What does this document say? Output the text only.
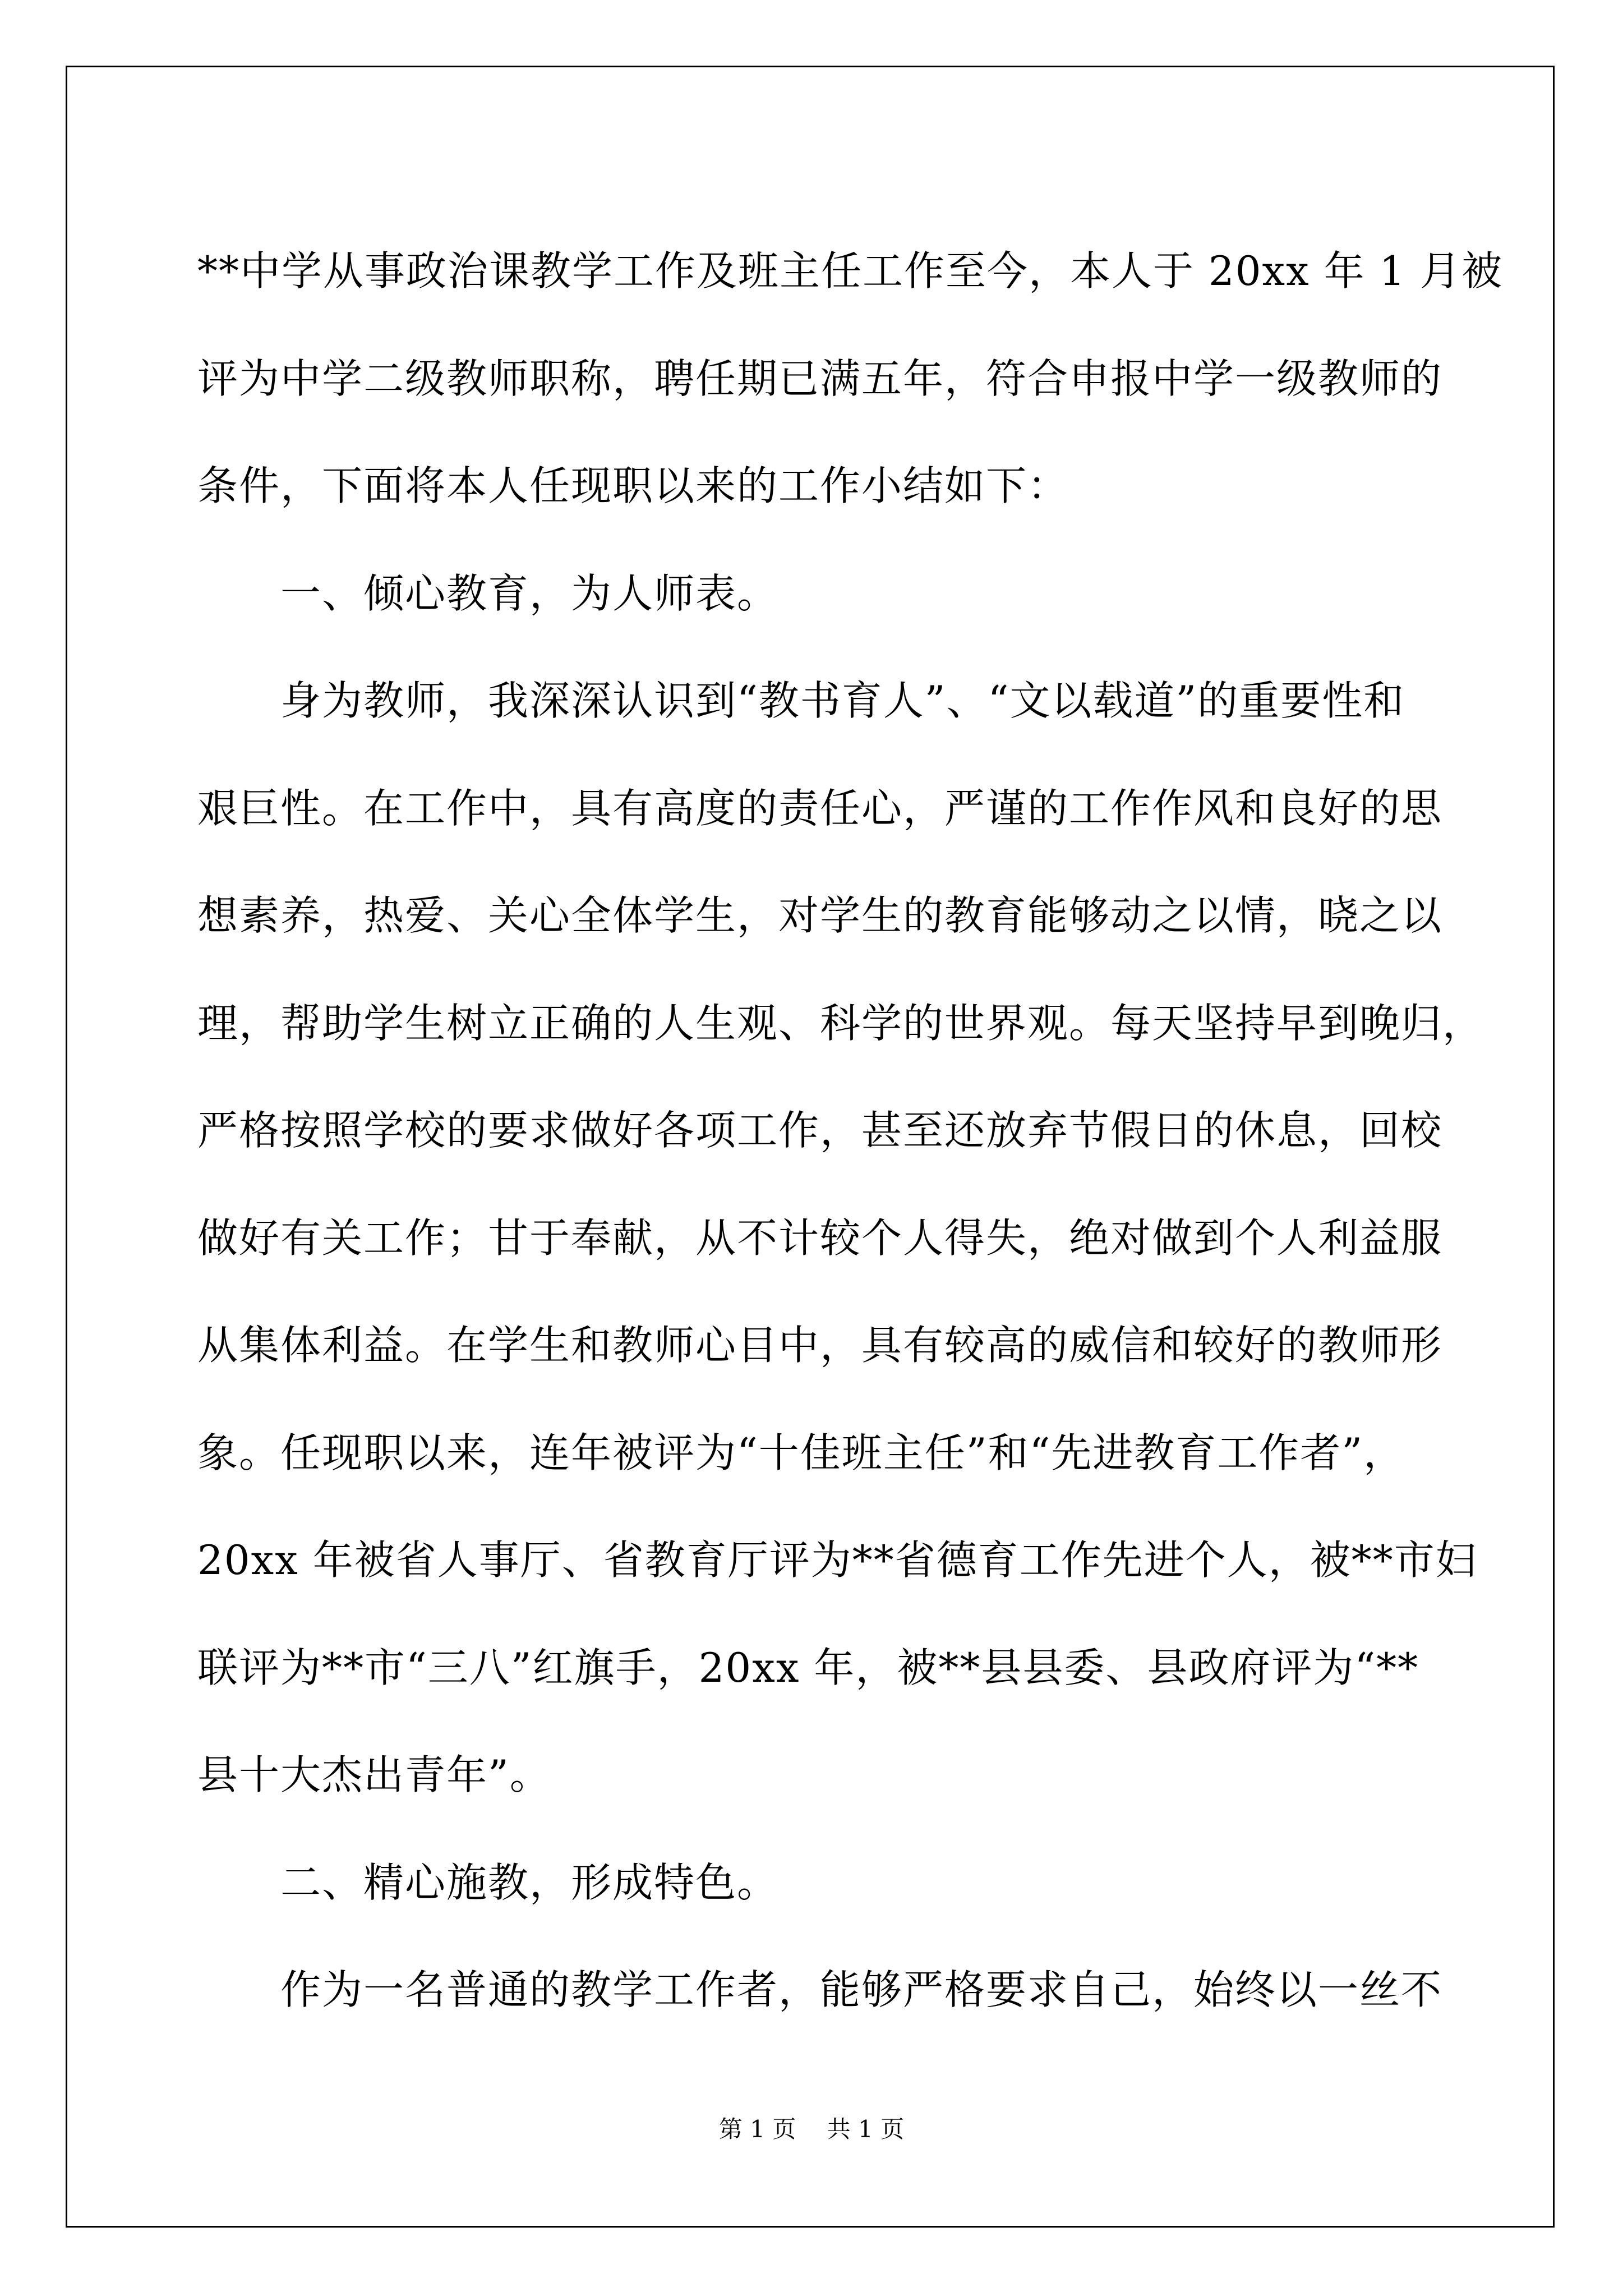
**中学从事政治课教学工作及班主任工作至今，本人于 20xx 年 1 月被

评为中学二级教师职称，聘任期已满五年，符合申报中学一级教师的

条件，下面将本人任现职以来的工作小结如下：

　　一、倾心教育，为人师表。

　　身为教师，我深深认识到“教书育人”、“文以载道”的重要性和

艰巨性。在工作中，具有高度的责任心，严谨的工作作风和良好的思

想素养，热爱、关心全体学生，对学生的教育能够动之以情，晓之以

理，帮助学生树立正确的人生观、科学的世界观。每天坚持早到晚归，

严格按照学校的要求做好各项工作，甚至还放弃节假日的休息，回校

做好有关工作；甘于奉献，从不计较个人得失，绝对做到个人利益服

从集体利益。在学生和教师心目中，具有较高的威信和较好的教师形

象。任现职以来，连年被评为“十佳班主任”和“先进教育工作者”，

20xx 年被省人事厅、省教育厅评为**省德育工作先进个人，被**市妇

联评为**市“三八”红旗手，20xx 年，被**县县委、县政府评为“**

县十大杰出青年”。

　　二、精心施教，形成特色。

　　作为一名普通的教学工作者，能够严格要求自己，始终以一丝不

第 1 页　 共 1 页
